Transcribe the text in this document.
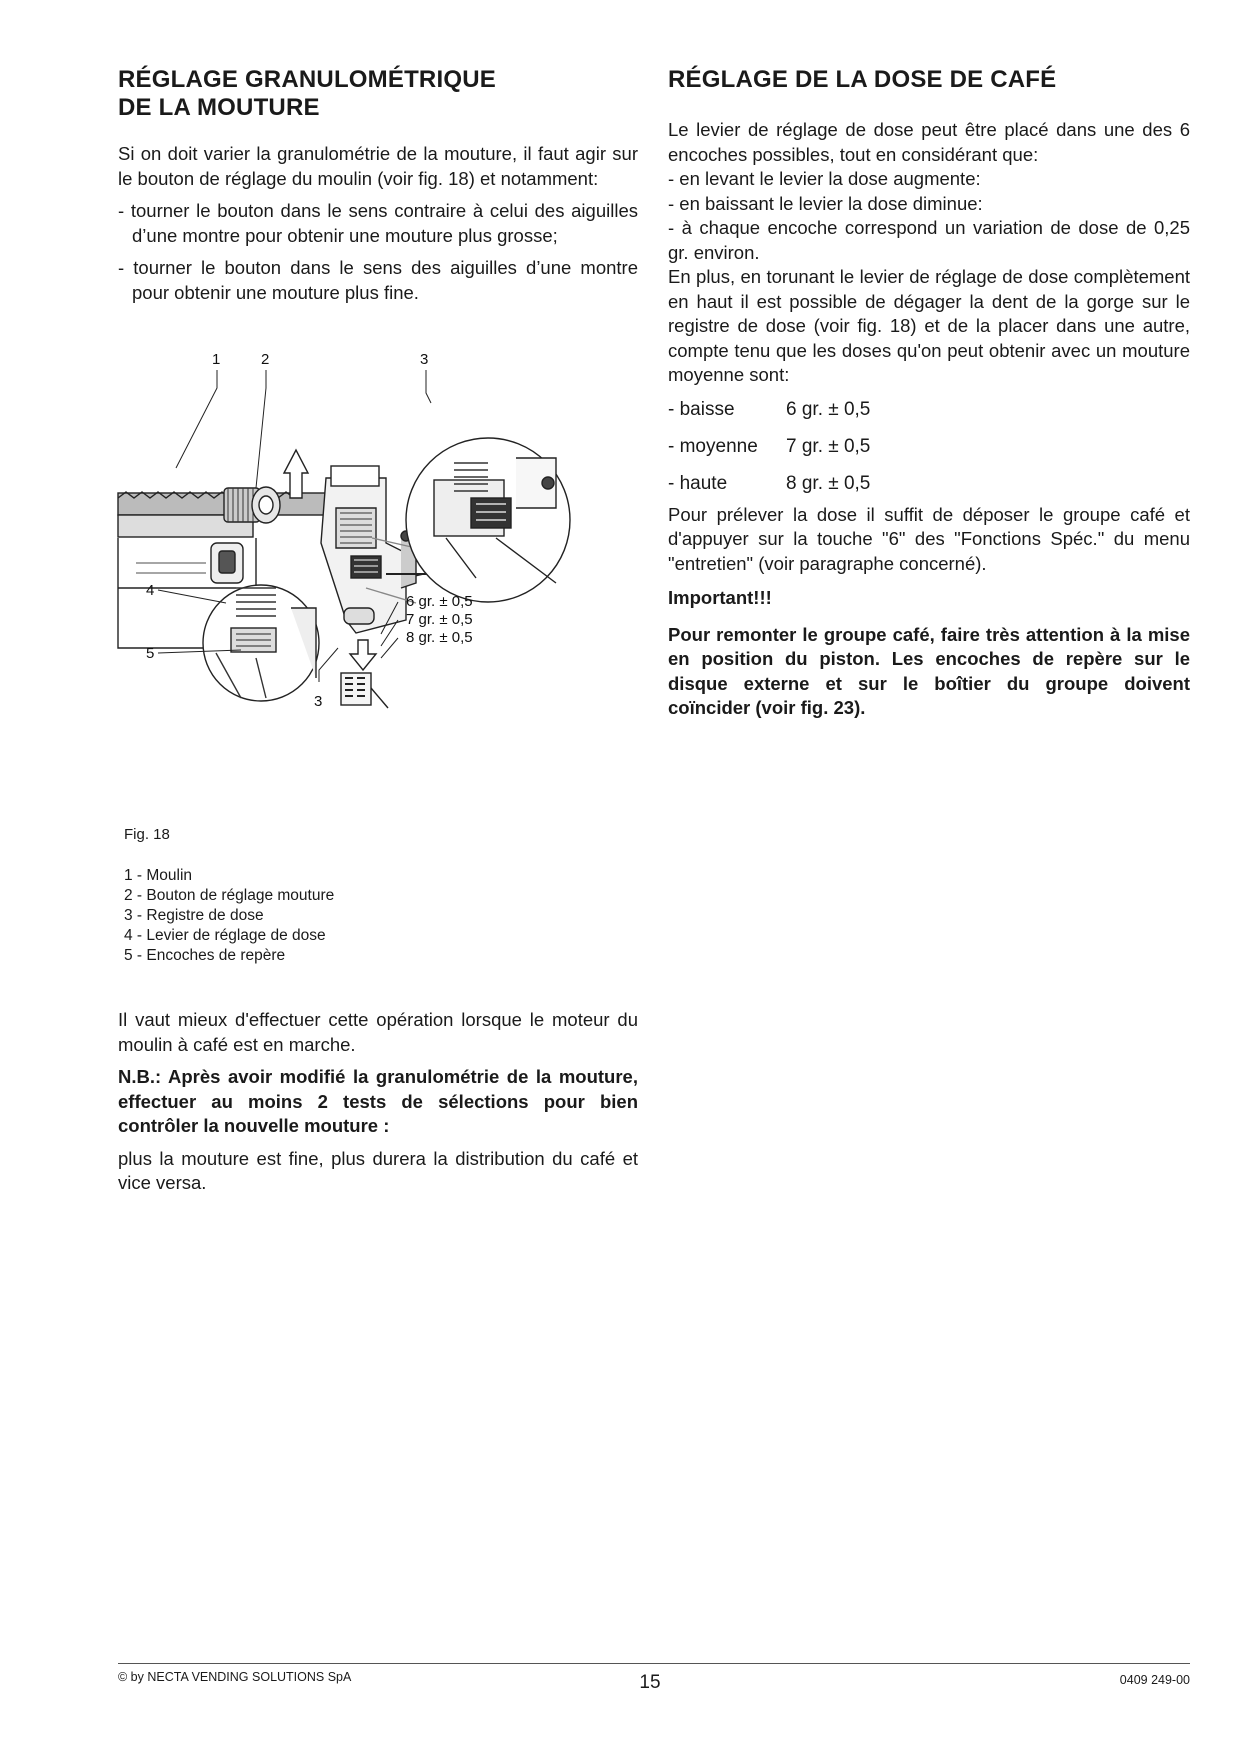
RÉGLAGE GRANULOMÉTRIQUE
DE LA MOUTURE

Si on doit varier la granulométrie de la mouture, il faut agir sur le bouton de réglage du moulin (voir fig. 18) et notamment:

- tourner le bouton dans le sens contraire à celui des aiguilles d’une montre pour obtenir une mouture plus grosse;

- tourner le bouton dans le sens des aiguilles d’une montre pour obtenir une mouture plus fine.

1	2	3
4
5
3
6 gr. ± 0,5
7 gr. ± 0,5
8 gr. ± 0,5
Fig. 18
1 - Moulin
2 - Bouton de réglage mouture
3 - Registre de dose
4 - Levier de réglage de dose
5 - Encoches de repère

Il vaut mieux d'effectuer cette opération lorsque le moteur du moulin à café est en marche.

N.B.: Après avoir modifié la granulométrie de la mouture, effectuer au moins 2 tests de sélections pour bien contrôler la nouvelle mouture :

plus la mouture est fine, plus durera la distribution du café et vice versa.

RÉGLAGE DE LA DOSE DE CAFÉ

Le levier de réglage de dose peut être placé dans une des 6 encoches possibles, tout en considérant que:

- en levant le levier la dose augmente:

- en baissant le levier la dose diminue:

- à chaque encoche correspond un variation de dose de 0,25 gr. environ.

En plus, en torunant le levier de réglage de dose complètement en haut il est possible de dégager la dent de la gorge sur le registre de dose (voir fig. 18) et de la placer dans une autre, compte tenu que les doses qu'on peut obtenir avec un mouture moyenne sont:

- baisse	6 gr. ± 0,5
- moyenne	7 gr. ± 0,5
- haute	8 gr. ± 0,5

Pour prélever la dose il suffit de déposer le groupe café et d'appuyer sur la touche "6" des "Fonctions Spéc." du menu "entretien" (voir paragraphe concerné).

Important!!!

Pour remonter le groupe café, faire très attention à la mise en position du piston. Les encoches de repère sur le disque externe et sur le boîtier du groupe doivent coïncider (voir fig. 23).

© by NECTA VENDING SOLUTIONS SpA	15	0409 249-00
